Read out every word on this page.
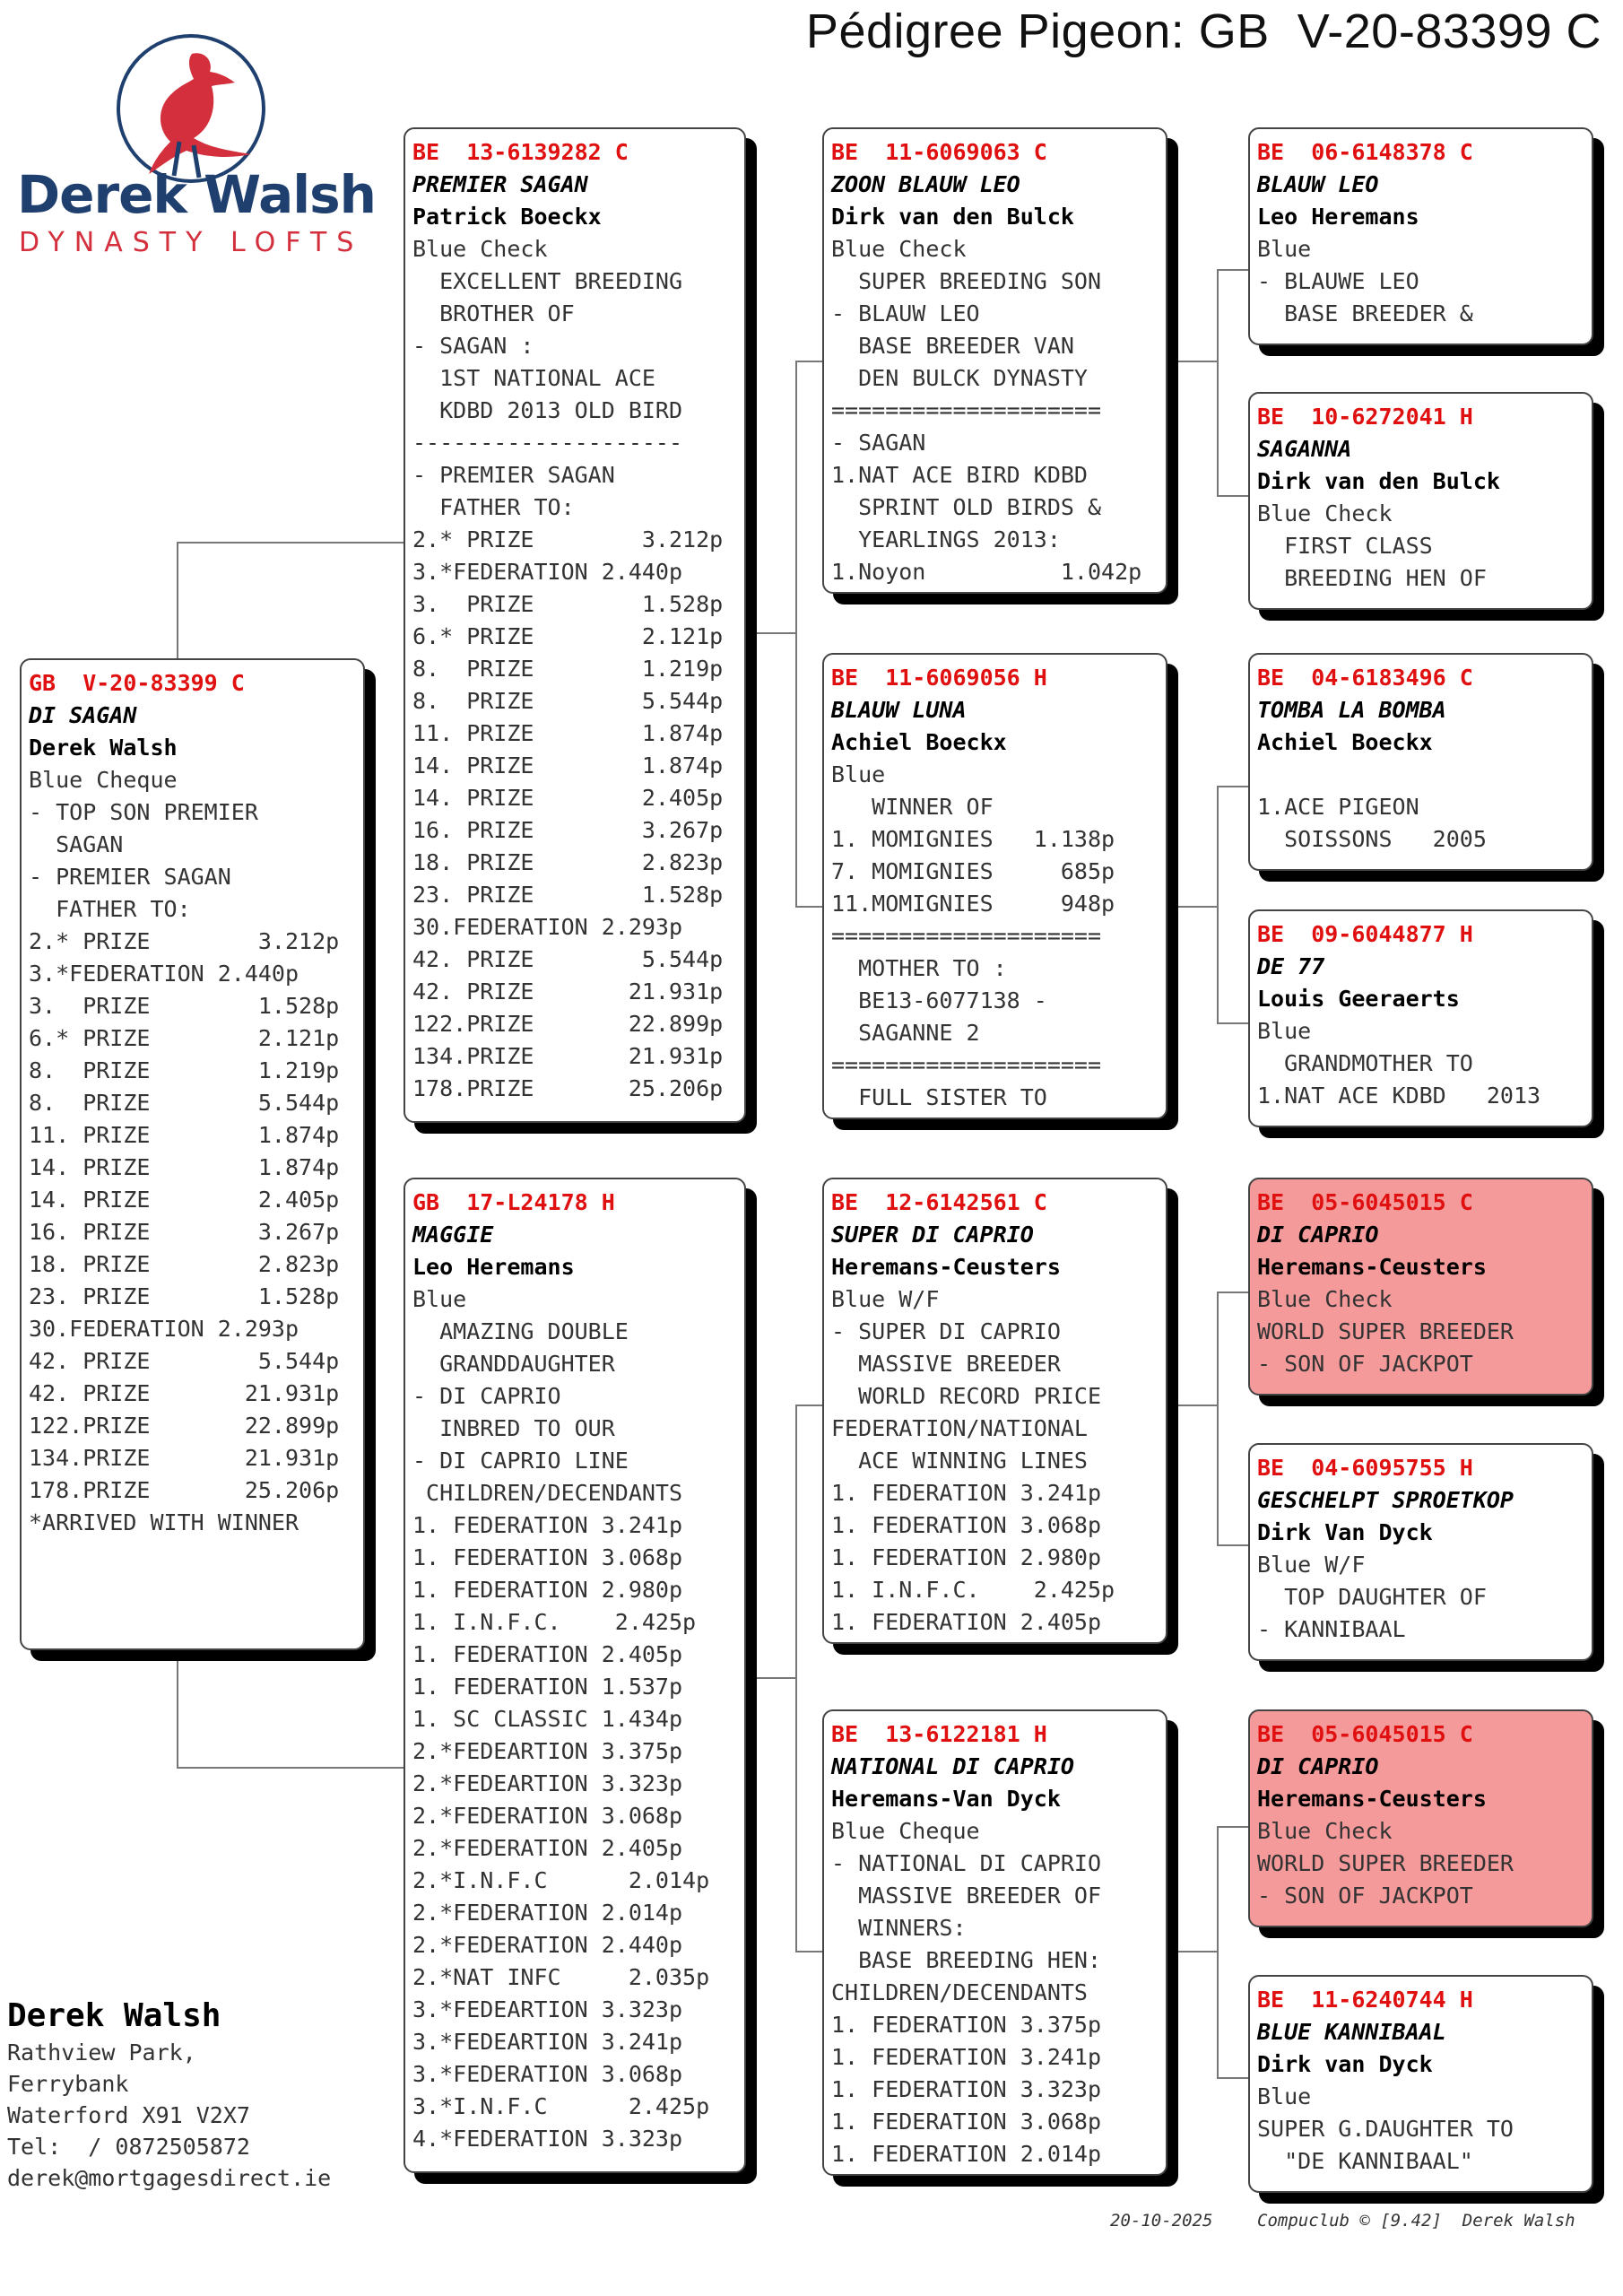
Pédigree Pigeon: GB  V-20-83399 C
Derek Walsh
DYNASTY LOFTS
GB  V-20-83399 C
DI SAGAN
Derek Walsh
Blue Cheque
- TOP SON PREMIER
SAGAN
- PREMIER SAGAN
FATHER TO:
2.* PRIZE        3.212p
3.*FEDERATION 2.440p
3.  PRIZE        1.528p
6.* PRIZE        2.121p
8.  PRIZE        1.219p
8.  PRIZE        5.544p
11. PRIZE        1.874p
14. PRIZE        1.874p
14. PRIZE        2.405p
16. PRIZE        3.267p
18. PRIZE        2.823p
23. PRIZE        1.528p
30.FEDERATION 2.293p
42. PRIZE        5.544p
42. PRIZE       21.931p
122.PRIZE       22.899p
134.PRIZE       21.931p
178.PRIZE       25.206p
*ARRIVED WITH WINNER
BE  13-6139282 C
PREMIER SAGAN
Patrick Boeckx
Blue Check
EXCELLENT BREEDING
BROTHER OF
- SAGAN :
1ST NATIONAL ACE
KDBD 2013 OLD BIRD
--------------------
- PREMIER SAGAN
FATHER TO:
2.* PRIZE        3.212p
3.*FEDERATION 2.440p
3.  PRIZE        1.528p
6.* PRIZE        2.121p
8.  PRIZE        1.219p
8.  PRIZE        5.544p
11. PRIZE        1.874p
14. PRIZE        1.874p
14. PRIZE        2.405p
16. PRIZE        3.267p
18. PRIZE        2.823p
23. PRIZE        1.528p
30.FEDERATION 2.293p
42. PRIZE        5.544p
42. PRIZE       21.931p
122.PRIZE       22.899p
134.PRIZE       21.931p
178.PRIZE       25.206p
GB  17-L24178 H
MAGGIE
Leo Heremans
Blue
AMAZING DOUBLE
GRANDDAUGHTER
- DI CAPRIO
INBRED TO OUR
- DI CAPRIO LINE
CHILDREN/DECENDANTS
1. FEDERATION 3.241p
1. FEDERATION 3.068p
1. FEDERATION 2.980p
1. I.N.F.C.    2.425p
1. FEDERATION 2.405p
1. FEDERATION 1.537p
1. SC CLASSIC 1.434p
2.*FEDEARTION 3.375p
2.*FEDEARTION 3.323p
2.*FEDERATION 3.068p
2.*FEDERATION 2.405p
2.*I.N.F.C      2.014p
2.*FEDERATION 2.014p
2.*FEDERATION 2.440p
2.*NAT INFC     2.035p
3.*FEDEARTION 3.323p
3.*FEDEARTION 3.241p
3.*FEDERATION 3.068p
3.*I.N.F.C      2.425p
4.*FEDERATION 3.323p
BE  11-6069063 C
ZOON BLAUW LEO
Dirk van den Bulck
Blue Check
SUPER BREEDING SON
- BLAUW LEO
BASE BREEDER VAN
DEN BULCK DYNASTY
====================
- SAGAN
1.NAT ACE BIRD KDBD
SPRINT OLD BIRDS &
YEARLINGS 2013:
1.Noyon          1.042p
BE  11-6069056 H
BLAUW LUNA
Achiel Boeckx
Blue
WINNER OF
1. MOMIGNIES   1.138p
7. MOMIGNIES     685p
11.MOMIGNIES     948p
====================
MOTHER TO :
BE13-6077138 -
SAGANNE 2
====================
FULL SISTER TO
BE  12-6142561 C
SUPER DI CAPRIO
Heremans-Ceusters
Blue W/F
- SUPER DI CAPRIO
MASSIVE BREEDER
WORLD RECORD PRICE
FEDERATION/NATIONAL
ACE WINNING LINES
1. FEDERATION 3.241p
1. FEDERATION 3.068p
1. FEDERATION 2.980p
1. I.N.F.C.    2.425p
1. FEDERATION 2.405p
BE  13-6122181 H
NATIONAL DI CAPRIO
Heremans-Van Dyck
Blue Cheque
- NATIONAL DI CAPRIO
MASSIVE BREEDER OF
WINNERS:
BASE BREEDING HEN:
CHILDREN/DECENDANTS
1. FEDERATION 3.375p
1. FEDERATION 3.241p
1. FEDERATION 3.323p
1. FEDERATION 3.068p
1. FEDERATION 2.014p
BE  06-6148378 C
BLAUW LEO
Leo Heremans
Blue
- BLAUWE LEO
BASE BREEDER &
BE  10-6272041 H
SAGANNA
Dirk van den Bulck
Blue Check
FIRST CLASS
BREEDING HEN OF
BE  04-6183496 C
TOMBA LA BOMBA
Achiel Boeckx
1.ACE PIGEON
SOISSONS   2005
BE  09-6044877 H
DE 77
Louis Geeraerts
Blue
GRANDMOTHER TO
1.NAT ACE KDBD   2013
BE  05-6045015 C
DI CAPRIO
Heremans-Ceusters
Blue Check
WORLD SUPER BREEDER
- SON OF JACKPOT
BE  04-6095755 H
GESCHELPT SPROETKOP
Dirk Van Dyck
Blue W/F
TOP DAUGHTER OF
- KANNIBAAL
BE  05-6045015 C
DI CAPRIO
Heremans-Ceusters
Blue Check
WORLD SUPER BREEDER
- SON OF JACKPOT
BE  11-6240744 H
BLUE KANNIBAAL
Dirk van Dyck
Blue
SUPER G.DAUGHTER TO
"DE KANNIBAAL"
Derek Walsh
Rathview Park,
Ferrybank
Waterford X91 V2X7
Tel:  / 0872505872
derek@mortgagesdirect.ie
20-10-2025	Compuclub © [9.42]  Derek Walsh
